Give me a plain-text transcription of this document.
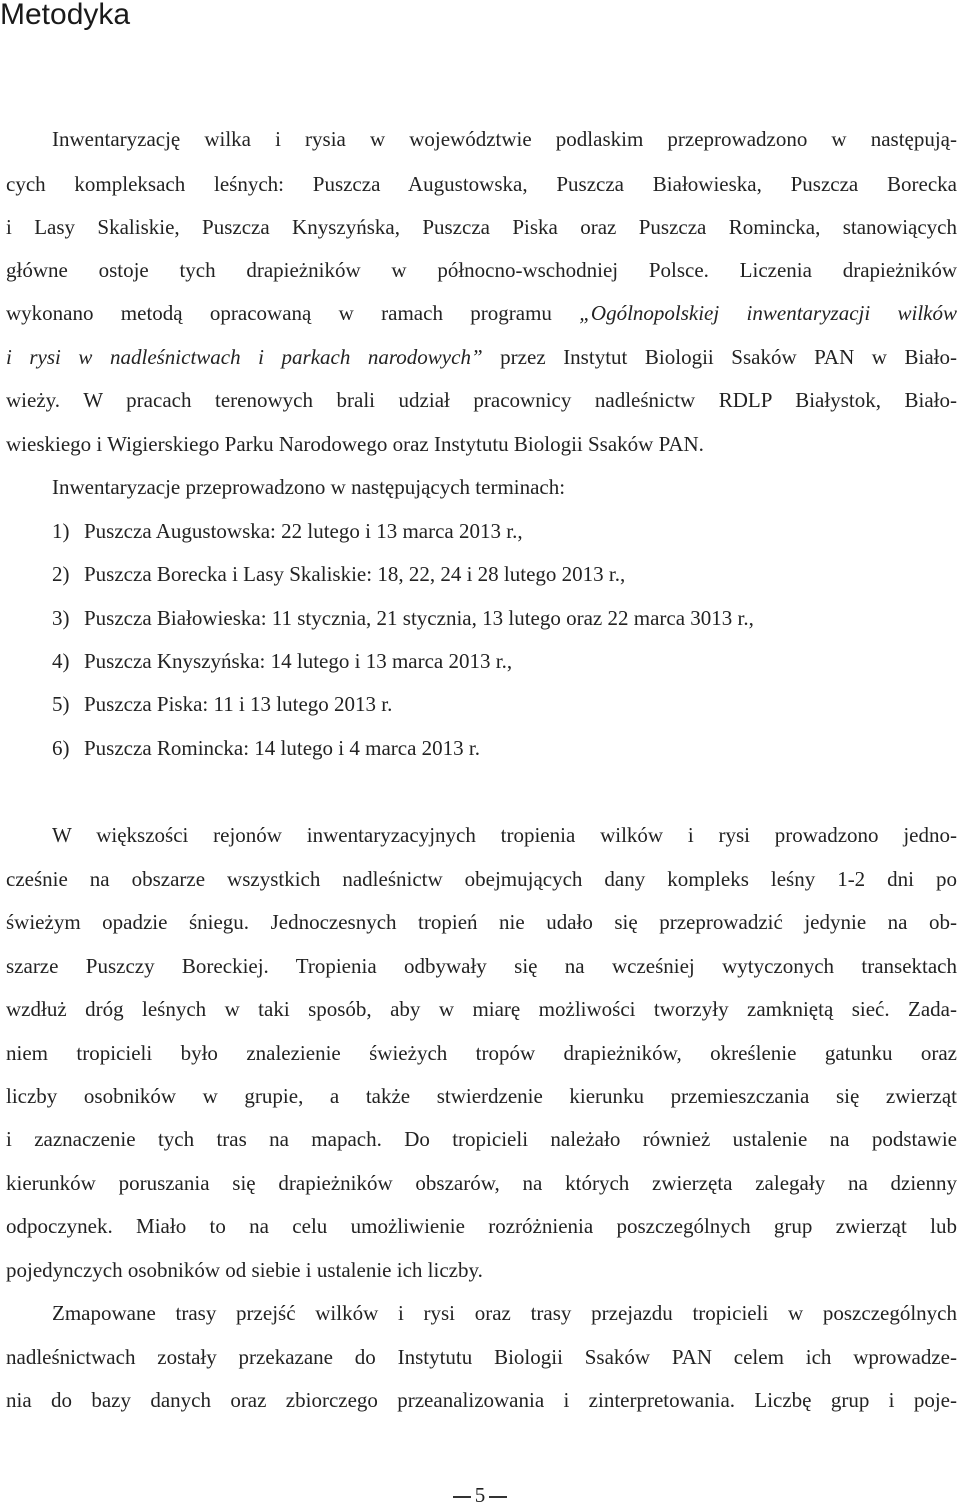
Metodyka
Inwentaryzację wilka i rysia w województwie podlaskim przeprowadzono w następują-
cych kompleksach leśnych: Puszcza Augustowska, Puszcza Białowieska, Puszcza Borecka
i Lasy Skaliskie, Puszcza Knyszyńska, Puszcza Piska oraz Puszcza Romincka, stanowiących
główne ostoje tych drapieżników w północno-wschodniej Polsce. Liczenia drapieżników
wykonano metodą opracowaną w ramach programu „Ogólnopolskiej inwentaryzacji wilków
i rysi w nadleśnictwach i parkach narodowych” przez Instytut Biologii Ssaków PAN w Biało-
wieży. W pracach terenowych brali udział pracownicy nadleśnictw RDLP Białystok, Biało-
wieskiego i Wigierskiego Parku Narodowego oraz Instytutu Biologii Ssaków PAN.
Inwentaryzacje przeprowadzono w następujących terminach:
1) Puszcza Augustowska: 22 lutego i 13 marca 2013 r.,
2) Puszcza Borecka i Lasy Skaliskie: 18, 22, 24 i 28 lutego 2013 r.,
3) Puszcza Białowieska: 11 stycznia, 21 stycznia, 13 lutego oraz 22 marca 3013 r.,
4) Puszcza Knyszyńska: 14 lutego i 13 marca 2013 r.,
5) Puszcza Piska: 11 i 13 lutego 2013 r.
6) Puszcza Romincka: 14 lutego i 4 marca 2013 r.
W większości rejonów inwentaryzacyjnych tropienia wilków i rysi prowadzono jedno-
cześnie na obszarze wszystkich nadleśnictw obejmujących dany kompleks leśny 1-2 dni po
świeżym opadzie śniegu. Jednoczesnych tropień nie udało się przeprowadzić jedynie na ob-
szarze Puszczy Boreckiej. Tropienia odbywały się na wcześniej wytyczonych transektach
wzdłuż dróg leśnych w taki sposób, aby w miarę możliwości tworzyły zamkniętą sieć. Zada-
niem tropicieli było znalezienie świeżych tropów drapieżników, określenie gatunku oraz
liczby osobników w grupie, a także stwierdzenie kierunku przemieszczania się zwierząt
i zaznaczenie tych tras na mapach. Do tropicieli należało również ustalenie na podstawie
kierunków poruszania się drapieżników obszarów, na których zwierzęta zalegały na dzienny
odpoczynek. Miało to na celu umożliwienie rozróżnienia poszczególnych grup zwierząt lub
pojedynczych osobników od siebie i ustalenie ich liczby.
Zmapowane trasy przejść wilków i rysi oraz trasy przejazdu tropicieli w poszczególnych
nadleśnictwach zostały przekazane do Instytutu Biologii Ssaków PAN celem ich wprowadze-
nia do bazy danych oraz zbiorczego przeanalizowania i zinterpretowania. Liczbę grup i poje-
5
